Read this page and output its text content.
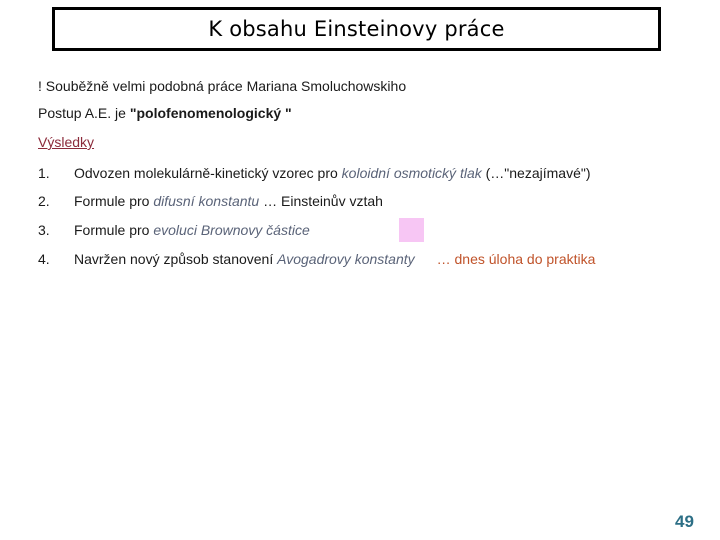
K obsahu Einsteinovy práce
! Souběžně velmi podobná práce Mariana Smoluchowskiho
Postup A.E. je "polofenomenologický "
Výsledky
1. Odvozen molekulárně-kinetický vzorec pro koloidní osmotický tlak (…"nezajímavé")
2. Formule pro difusní konstantu … Einsteinův vztah
3. Formule pro evoluci Brownovy částice
4. Navržen nový způsob stanovení Avogadrovy konstanty … dnes úloha do praktika
49
